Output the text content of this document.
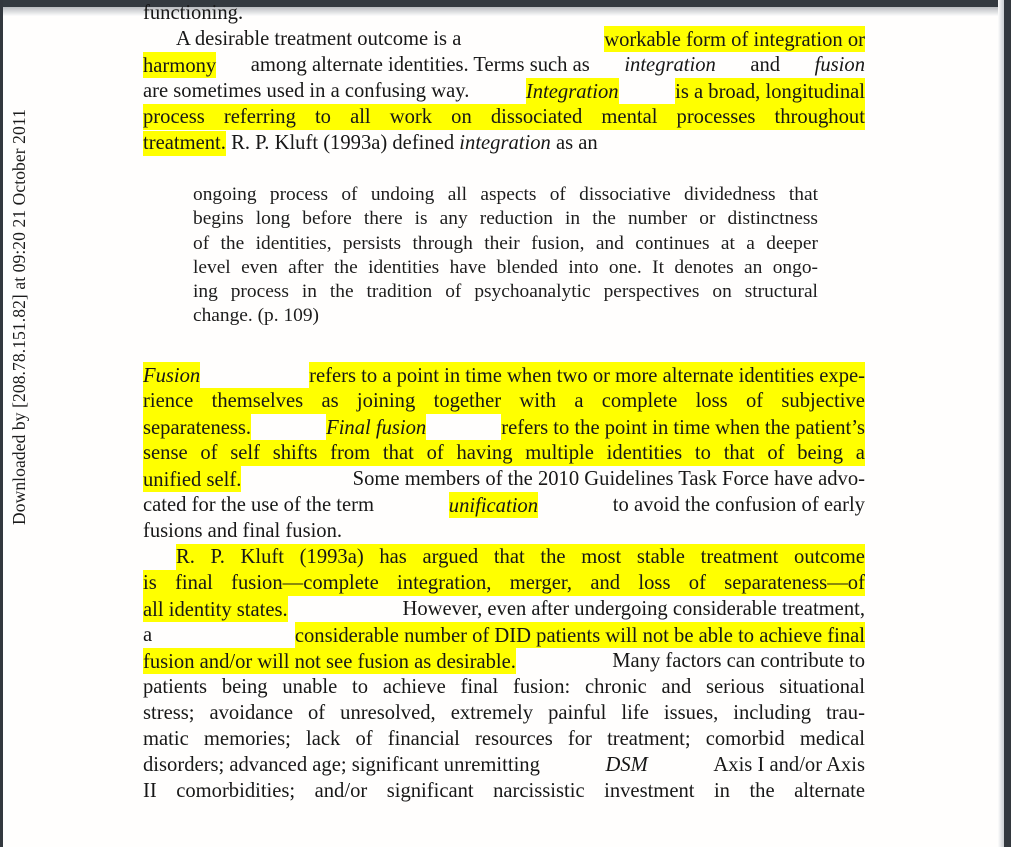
Downloaded by [208.78.151.82] at 09:20 21 October 2011
functioning.
A desirable treatment outcome is a	workable form of integration or
harmony among alternate identities. Terms such as integration and fusion
are sometimes used in a confusing way.	Integration	is a broad, longitudinal
process referring to all work on dissociated mental processes throughout
treatment. R. P. Kluft (1993a) defined integration as an
ongoing process of undoing all aspects of dissociative dividedness that
begins long before there is any reduction in the number or distinctness
of the identities, persists through their fusion, and continues at a deeper
level even after the identities have blended into one. It denotes an ongo-
ing process in the tradition of psychoanalytic perspectives on structural
change. (p. 109)
Fusion	refers to a point in time when two or more alternate identities expe-
rience themselves as joining together with a complete loss of subjective
separateness.	Final fusion	refers to the point in time when the patient’s
sense of self shifts from that of having multiple identities to that of being a
unified self.	Some members of the 2010 Guidelines Task Force have advo-
cated for the use of the term	unification	to avoid the confusion of early
fusions and final fusion.
R. P. Kluft (1993a) has argued that the most stable treatment outcome
is final fusion—complete integration, merger, and loss of separateness—of
all identity states.	However, even after undergoing considerable treatment,
a	considerable number of DID patients will not be able to achieve final
fusion and/or will not see fusion as desirable.	Many factors can contribute to
patients being unable to achieve final fusion: chronic and serious situational
stress; avoidance of unresolved, extremely painful life issues, including trau-
matic memories; lack of financial resources for treatment; comorbid medical
disorders; advanced age; significant unremitting	DSM	Axis I and/or Axis
II comorbidities; and/or significant narcissistic investment in the alternate
